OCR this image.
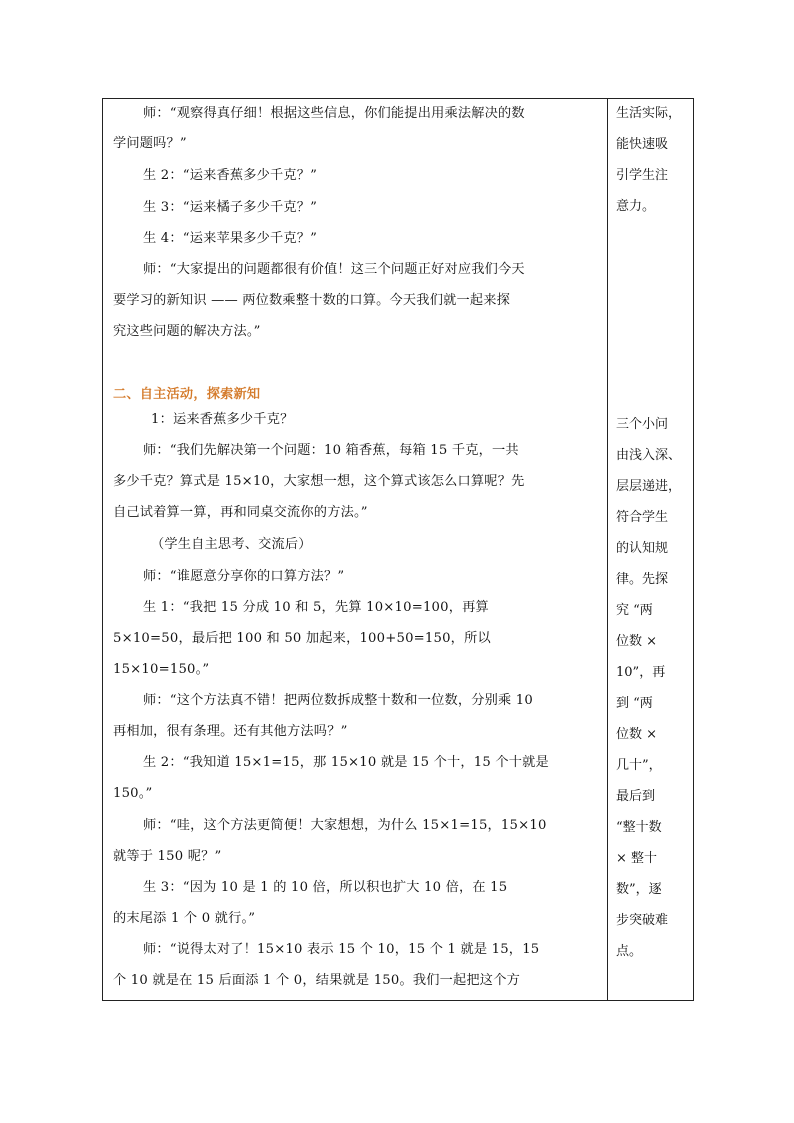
师：“观察得真仔细！根据这些信息，你们能提出用乘法解决的数
学问题吗？”
生 2：“运来香蕉多少千克？”
生 3：“运来橘子多少千克？”
生 4：“运来苹果多少千克？”
师：“大家提出的问题都很有价值！这三个问题正好对应我们今天
要学习的新知识 —— 两位数乘整十数的口算。今天我们就一起来探
究这些问题的解决方法。”
二、自主活动，探索新知
1：运来香蕉多少千克？
师：“我们先解决第一个问题：10 箱香蕉，每箱 15 千克，一共
多少千克？算式是 15×10，大家想一想，这个算式该怎么口算呢？先
自己试着算一算，再和同桌交流你的方法。”
（学生自主思考、交流后）
师：“谁愿意分享你的口算方法？”
生 1：“我把 15 分成 10 和 5，先算 10×10=100，再算
5×10=50，最后把 100 和 50 加起来，100+50=150，所以
15×10=150。”
师：“这个方法真不错！把两位数拆成整十数和一位数，分别乘 10
再相加，很有条理。还有其他方法吗？”
生 2：“我知道 15×1=15，那 15×10 就是 15 个十，15 个十就是
150。”
师：“哇，这个方法更简便！大家想想，为什么 15×1=15，15×10
就等于 150 呢？”
生 3：“因为 10 是 1 的 10 倍，所以积也扩大 10 倍，在 15
的末尾添 1 个 0 就行。”
师：“说得太对了！15×10 表示 15 个 10，15 个 1 就是 15，15
个 10 就是在 15 后面添 1 个 0，结果就是 150。我们一起把这个方
生活实际，
能快速吸
引学生注
意力。
三个小问
由浅入深、
层层递进，
符合学生
的认知规
律。先探
究 “两
位数 ×
10”，再
到 “两
位数 ×
几十”，
最后到
“整十数
× 整十
数”，逐
步突破难
点。
